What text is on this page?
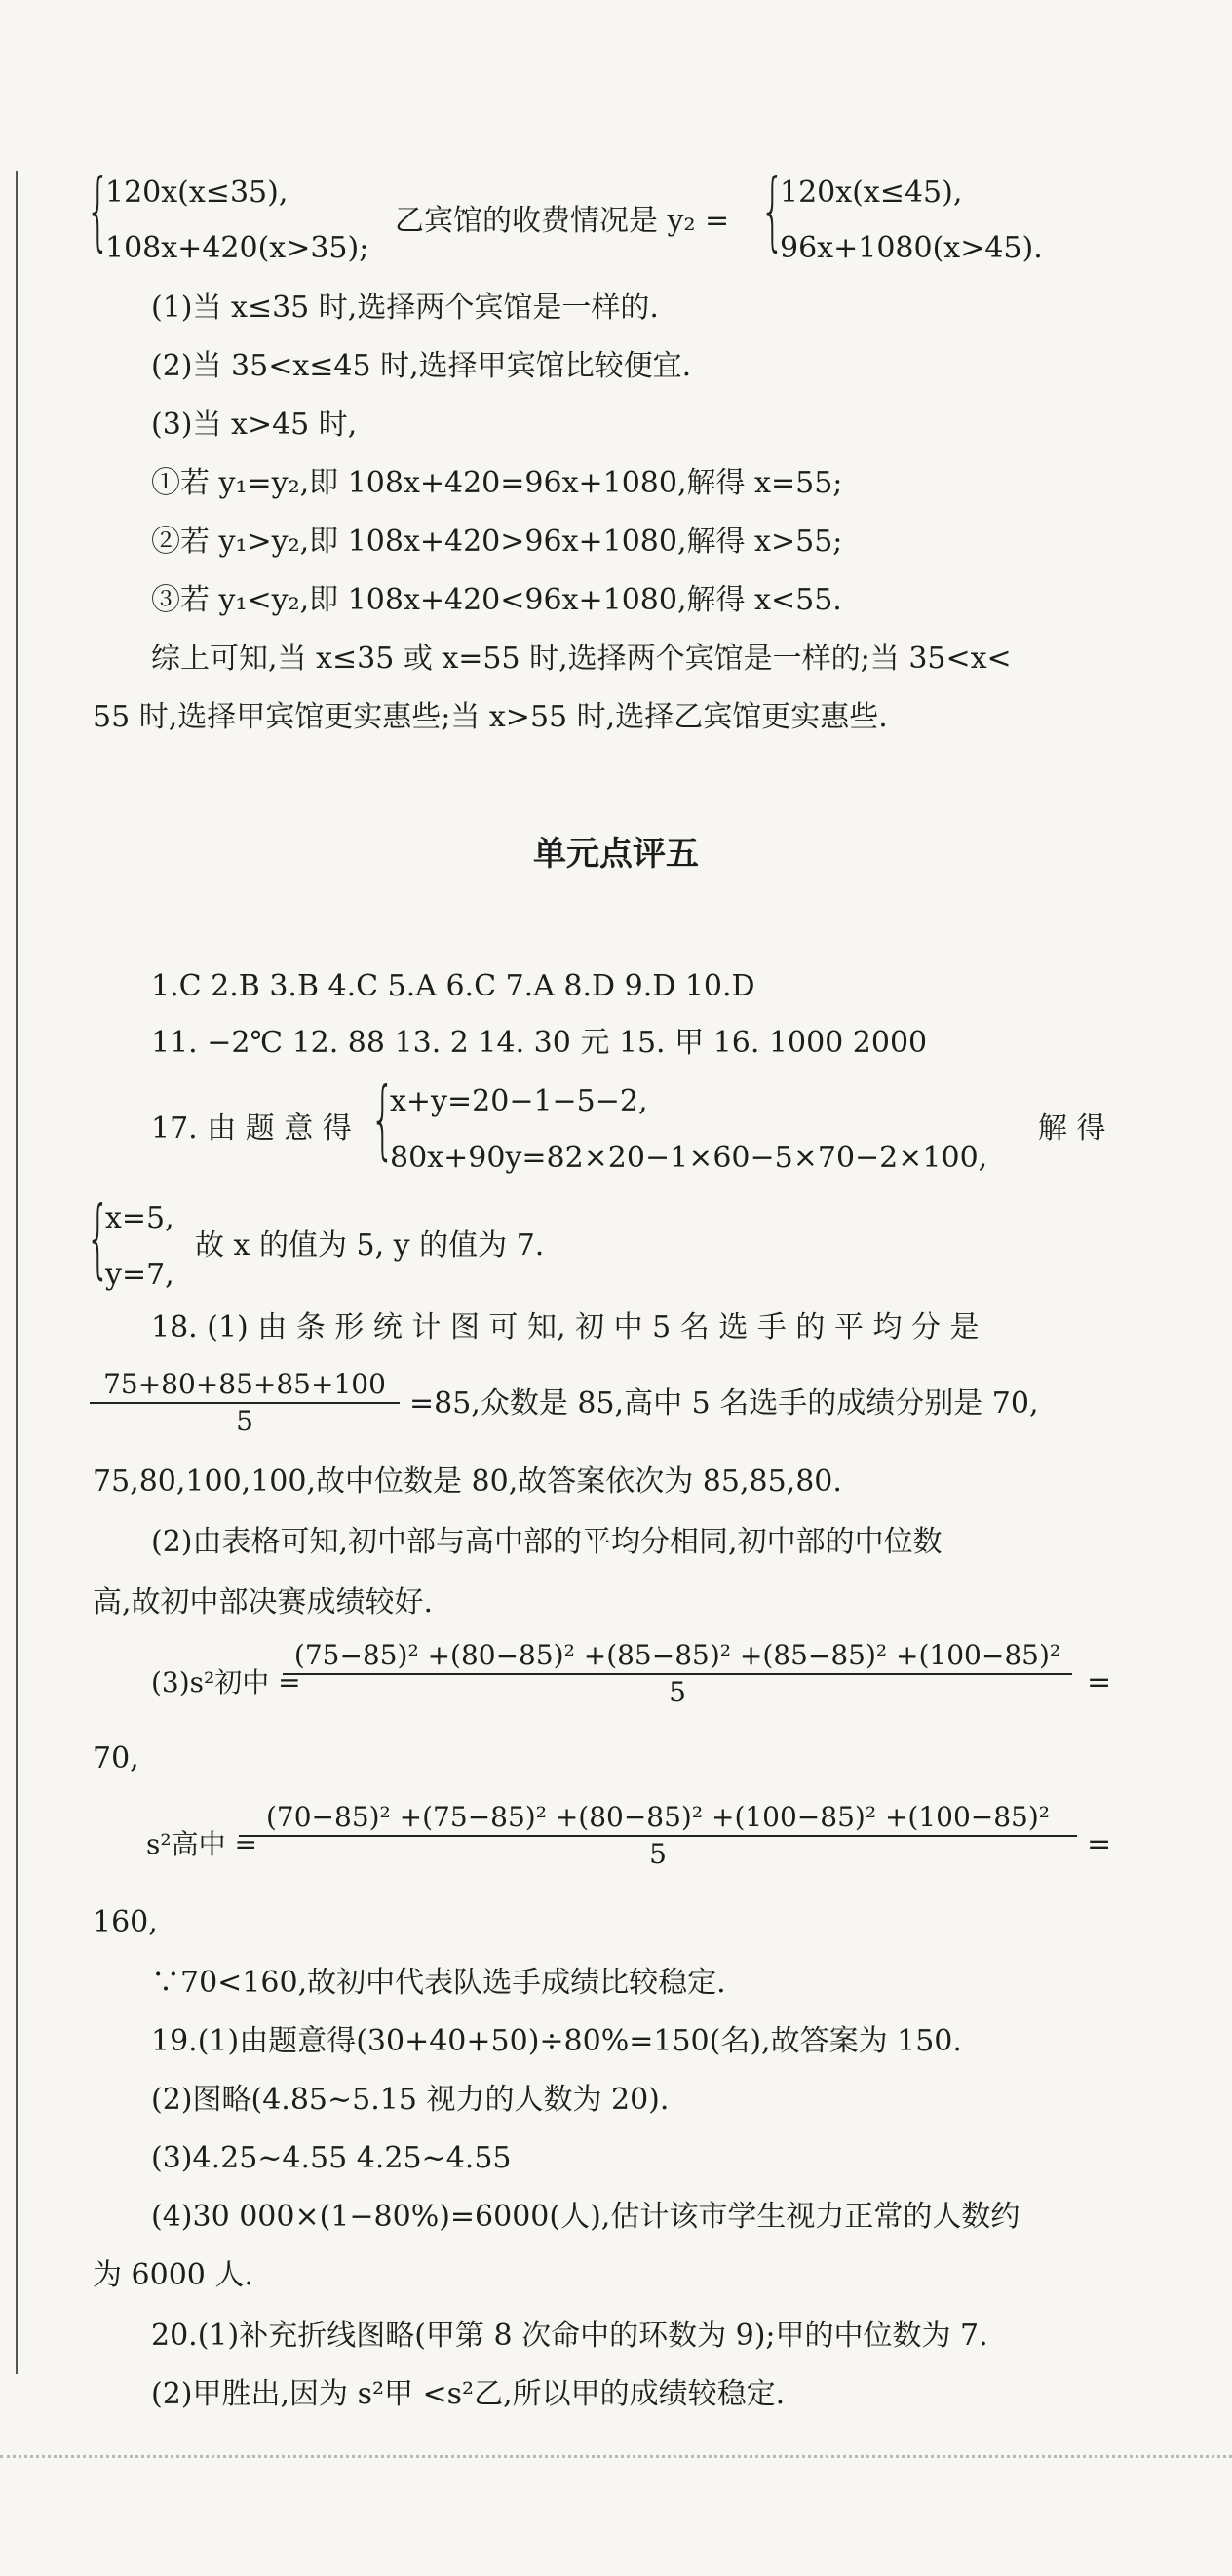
{
120x(x≤35),
108x+420(x>35);
乙宾馆的收费情况是 y₂ = {
120x(x≤45),
96x+1080(x>45).
(1)当 x≤35 时,选择两个宾馆是一样的.
(2)当 35<x≤45 时,选择甲宾馆比较便宜.
(3)当 x>45 时,
①若 y₁=y₂,即 108x+420=96x+1080,解得 x=55;
②若 y₁>y₂,即 108x+420>96x+1080,解得 x>55;
③若 y₁<y₂,即 108x+420<96x+1080,解得 x<55.
综上可知,当 x≤35 或 x=55 时,选择两个宾馆是一样的;当 35<x<
55 时,选择甲宾馆更实惠些;当 x>55 时,选择乙宾馆更实惠些.
单元点评五
1.C 2.B 3.B 4.C 5.A 6.C 7.A 8.D 9.D 10.D
11. −2℃ 12. 88 13. 2 14. 30 元 15. 甲 16. 1000 2000
17. 由 题 意 得 {
x+y=20−1−5−2,
80x+90y=82×20−1×60−5×70−2×100,
解 得
{
x=5,
y=7,
故 x 的值为 5, y 的值为 7.
18. (1) 由 条 形 统 计 图 可 知, 初 中 5 名 选 手 的 平 均 分 是
75+80+85+85+100
5
=85,众数是 85,高中 5 名选手的成绩分别是 70,
75,80,100,100,故中位数是 80,故答案依次为 85,85,80.
(2)由表格可知,初中部与高中部的平均分相同,初中部的中位数
高,故初中部决赛成绩较好.
(3)s²初中 =
(75−85)² +(80−85)² +(85−85)² +(85−85)² +(100−85)²
5	=
70,
s²高中 =
(70−85)² +(75−85)² +(80−85)² +(100−85)² +(100−85)²
5	=
160,
∵70<160,故初中代表队选手成绩比较稳定.
19.(1)由题意得(30+40+50)÷80%=150(名),故答案为 150.
(2)图略(4.85~5.15 视力的人数为 20).
(3)4.25~4.55 4.25~4.55
(4)30 000×(1−80%)=6000(人),估计该市学生视力正常的人数约
为 6000 人.
20.(1)补充折线图略(甲第 8 次命中的环数为 9);甲的中位数为 7.
(2)甲胜出,因为 s²甲 <s²乙,所以甲的成绩较稳定.
